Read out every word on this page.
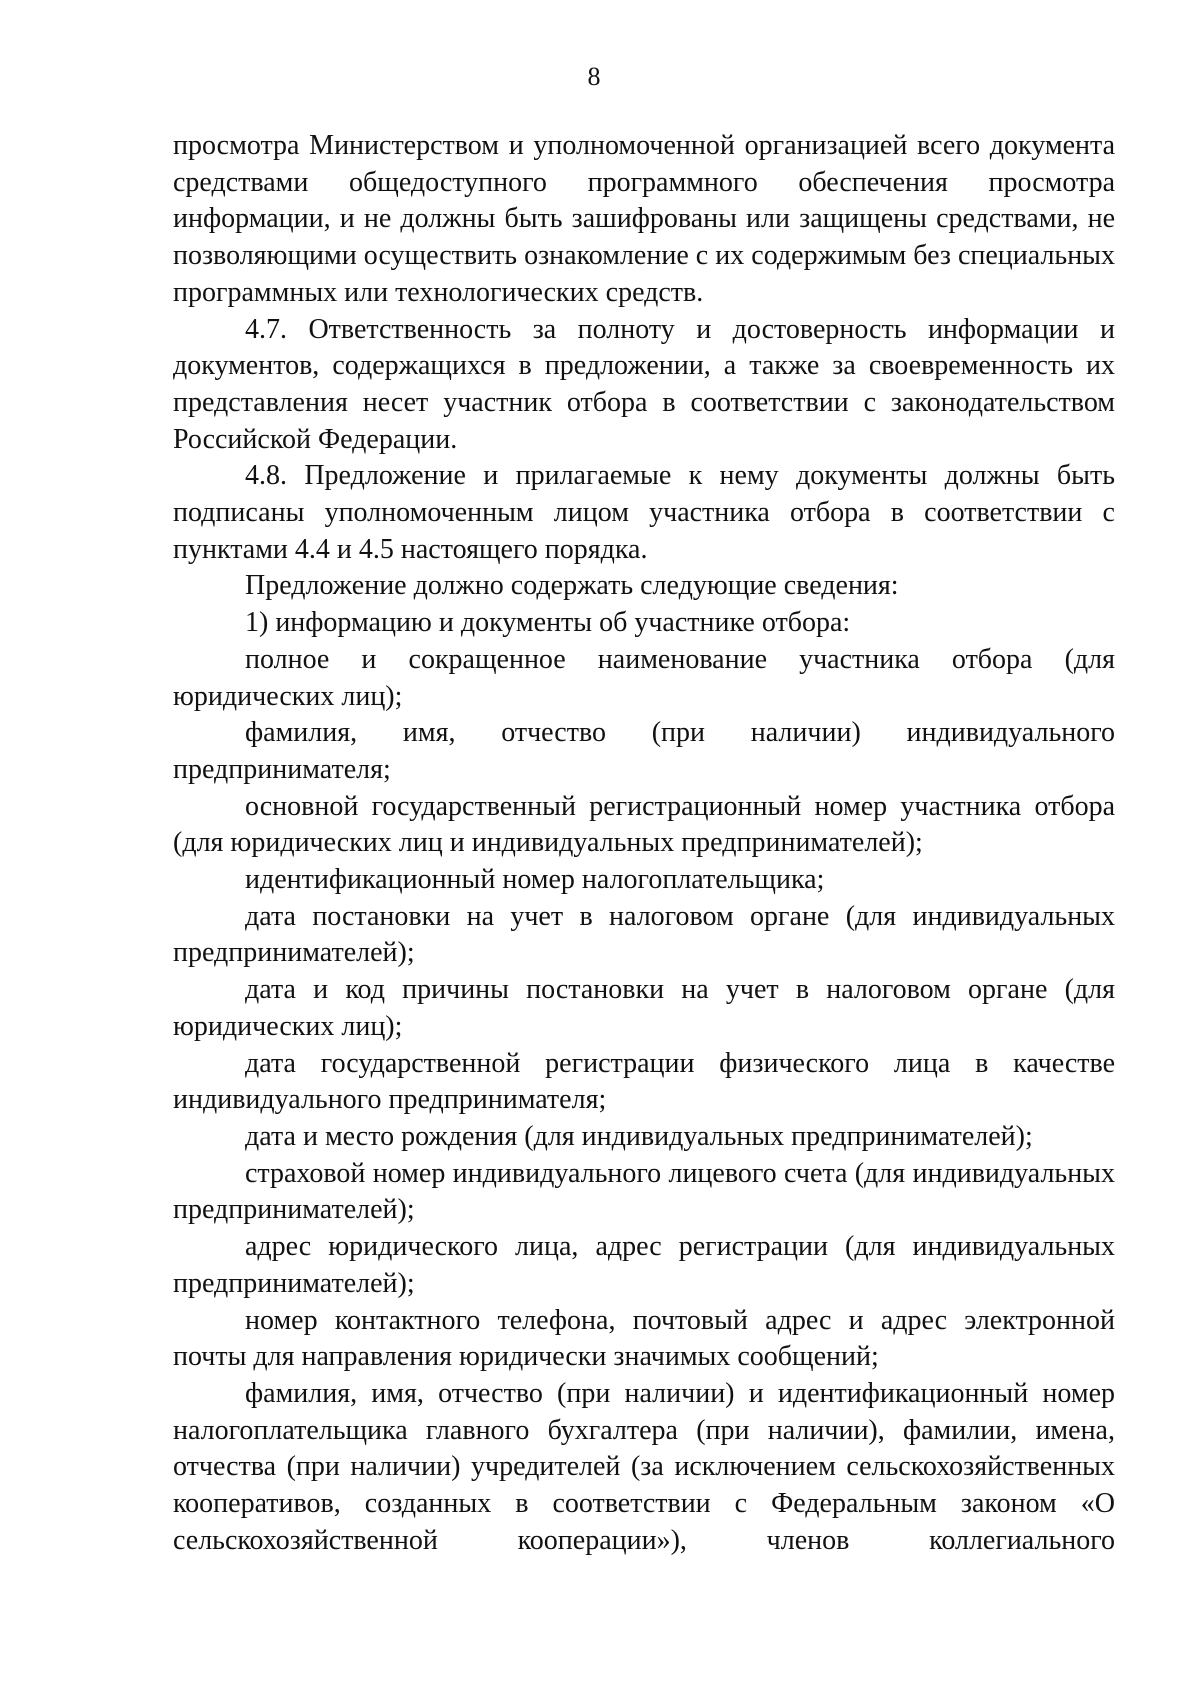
8

просмотра Министерством и уполномоченной организацией всего документа средствами общедоступного программного обеспечения просмотра информации, и не должны быть зашифрованы или защищены средствами, не позволяющими осуществить ознакомление с их содержимым без специальных программных или технологических средств.

4.7. Ответственность за полноту и достоверность информации и документов, содержащихся в предложении, а также за своевременность их представления несет участник отбора в соответствии с законодательством Российской Федерации.

4.8. Предложение и прилагаемые к нему документы должны быть подписаны уполномоченным лицом участника отбора в соответствии с пунктами 4.4 и 4.5 настоящего порядка.

Предложение должно содержать следующие сведения:

1) информацию и документы об участнике отбора:

полное и сокращенное наименование участника отбора (для юридических лиц);

фамилия, имя, отчество (при наличии) индивидуального предпринимателя;

основной государственный регистрационный номер участника отбора (для юридических лиц и индивидуальных предпринимателей);

идентификационный номер налогоплательщика;

дата постановки на учет в налоговом органе (для индивидуальных предпринимателей);

дата и код причины постановки на учет в налоговом органе (для юридических лиц);

дата государственной регистрации физического лица в качестве индивидуального предпринимателя;

дата и место рождения (для индивидуальных предпринимателей);

страховой номер индивидуального лицевого счета (для индивидуальных предпринимателей);

адрес юридического лица, адрес регистрации (для индивидуальных предпринимателей);

номер контактного телефона, почтовый адрес и адрес электронной почты для направления юридически значимых сообщений;

фамилия, имя, отчество (при наличии) и идентификационный номер налогоплательщика главного бухгалтера (при наличии), фамилии, имена, отчества (при наличии) учредителей (за исключением сельскохозяйственных кооперативов, созданных в соответствии с Федеральным законом «О сельскохозяйственной кооперации»), членов коллегиального
